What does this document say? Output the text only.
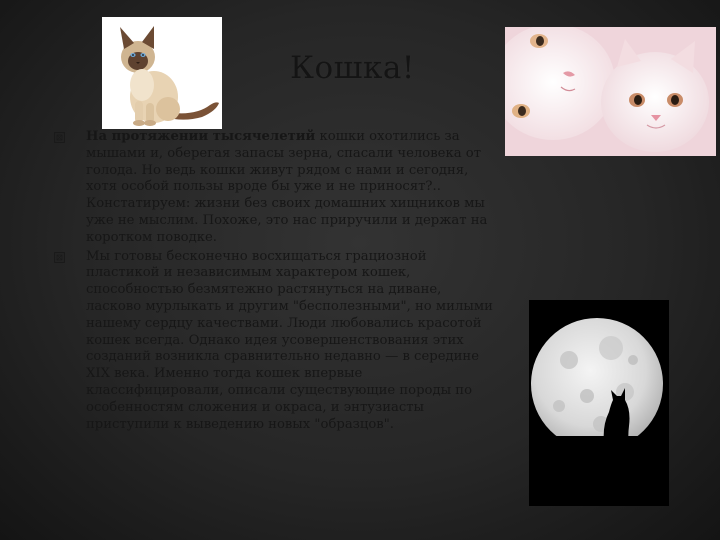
Кошка!
На протяжении тысячелетий кошки охотились за мышами и, оберегая запасы зерна, спасали человека от голода. Но ведь кошки живут рядом с нами и сегодня, хотя особой пользы вроде бы уже и не приносят?.. Констатируем: жизни без своих домашних хищников мы уже не мыслим. Похоже, это нас приручили и держат на коротком поводке.
Мы готовы бесконечно восхищаться грациозной пластикой и независимым характером кошек, способностью безмятежно растянуться на диване, ласково мурлыкать и другим "бесполезными", но милыми нашему сердцу качествами. Люди любовались красотой кошек всегда. Однако идея усовершенствования этих созданий возникла сравнительно недавно — в середине XIX века. Именно тогда кошек впервые классифицировали, описали существующие породы по особенностям сложения и окраса, и энтузиасты приступили к выведению новых "образцов".
